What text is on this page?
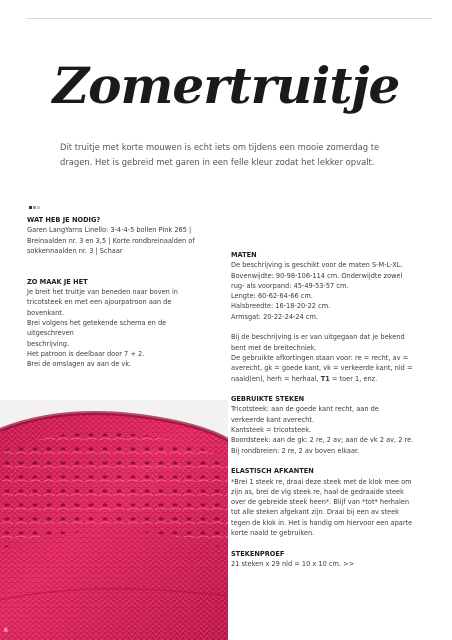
Zomertruitje

Dit truitje met korte mouwen is echt iets om tijdens een mooie zomerdag te dragen. Het is gebreid met garen in een felle kleur zodat het lekker opvalt.

WAT HEB JE NODIG?

Garen LangYarns Linello: 3-4-4-5 bollen Pink 265 |

Breinaalden nr. 3 en 3,5 | Korte rondbreinaalden of

sokkennaalden nr. 3 | Schaar

ZO MAAK JE HET

Je breit het truitje van beneden naar boven in

tricotsteek en met een ajourpatroon aan de bovenkant.

Brei volgens het getekende schema en de uitgeschreven

beschrijving.

Het patroon is deelbaar door 7 + 2.

Brei de omslagen av aan de vk.

MATEN

De beschrijving is geschikt voor de maten S-M-L-XL.

Bovenwijdte: 90-98-106-114 cm. Onderwijdte zowel

rug- als voorpand: 45-49-53-57 cm.

Lengte: 60-62-64-66 cm.

Halsbreedte: 16-18-20-22 cm.

Armsgat: 20-22-24-24 cm.

Bij de beschrijving is er van uitgegaan dat je bekend

bent met de breitechniek.

De gebruikte afkortingen staan voor: re = recht, av =

averecht, gk = goede kant, vk = verkeerde kant, nld =

naald(en), herh = herhaal, T1 = toer 1, enz.

GEBRUIKTE STEKEN

Tricotsteek: aan de goede kant recht, aan de

verkeerde kant averecht.

Kantsteek = tricotsteek.

Boordsteek: aan de gk: 2 re, 2 av; aan de vk 2 av, 2 re.

Bij rondbreien: 2 re, 2 av boven elkaar.

ELASTISCH AFKANTEN

*Brei 1 steek re, draai deze steek met de klok mee om

zijn as, brei de vlg steek re, haal de gedraaide steek

over de gebreide steek heen*. Blijf van *tot* herhalen

tot alle steken afgekant zijn. Draai bij een av steek

tegen de klok in. Het is handig om hiervoor een aparte

korte naald te gebruiken.

STEKENPROEF

21 steken x 29 nld = 10 x 10 cm. >>

6
